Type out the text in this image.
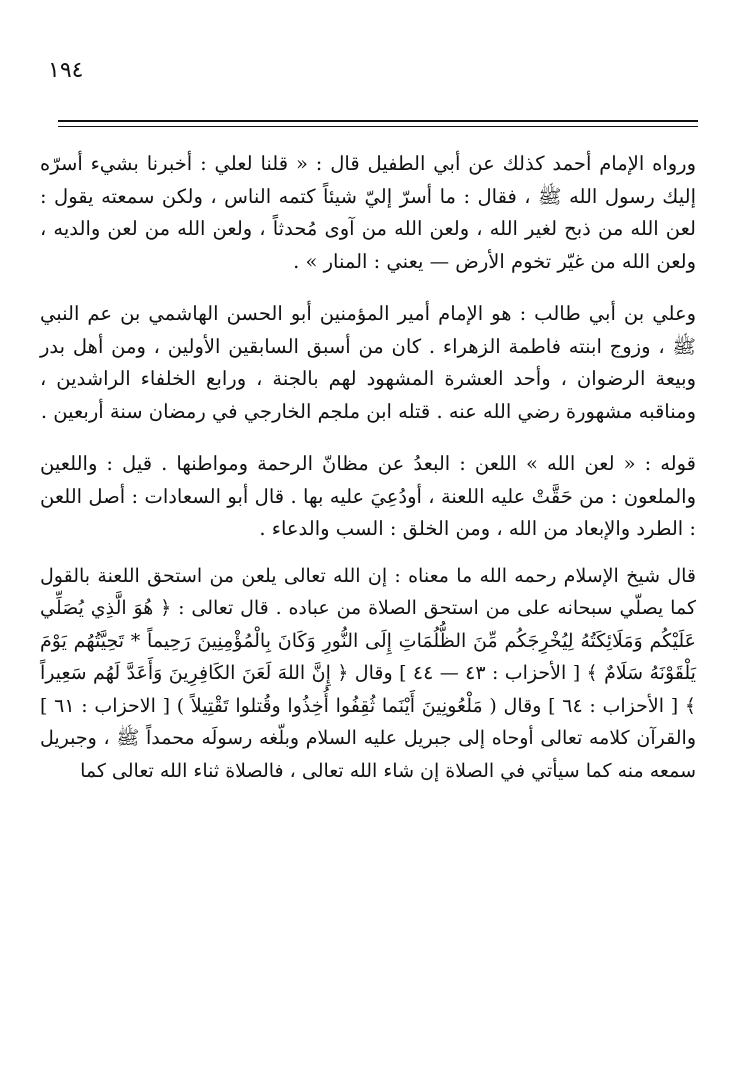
١٩٤

ورواه الإمام أحمد كذلك عن أبي الطفيل قال : « قلنا لعلي : أخبرنا بشيء أسرّه إليك رسول الله ﷺ ، فقال : ما أسرّ إليّ شيئاً كتمه الناس ، ولكن سمعته يقول : لعن الله من ذبح لغير الله ، ولعن الله من آوى مُحدثاً ، ولعن الله من لعن والديه ، ولعن الله من غيّر تخوم الأرض — يعني : المنار » .

وعلي بن أبي طالب : هو الإمام أمير المؤمنين أبو الحسن الهاشمي بن عم النبي ﷺ ، وزوج ابنته فاطمة الزهراء . كان من أسبق السابقين الأولين ، ومن أهل بدر وبيعة الرضوان ، وأحد العشرة المشهود لهم بالجنة ، ورابع الخلفاء الراشدين ، ومناقبه مشهورة رضي الله عنه . قتله ابن ملجم الخارجي في رمضان سنة أربعين .

قوله : « لعن الله » اللعن : البعدُ عن مظانّ الرحمة ومواطنها . قيل : واللعين والملعون : من حَقَّتْ عليه اللعنة ، أودُعِيَ عليه بها . قال أبو السعادات : أصل اللعن : الطرد والإبعاد من الله ، ومن الخلق : السب والدعاء .

قال شيخ الإسلام رحمه الله ما معناه : إن الله تعالى يلعن من استحق اللعنة بالقول كما يصلّي سبحانه على من استحق الصلاة من عباده . قال تعالى : ﴿ هُوَ الَّذِي يُصَلِّي عَلَيْكُم وَمَلَائِكَتُهُ لِيُخْرِجَكُم مِّنَ الظُّلُمَاتِ إِلَى النُّورِ وَكَانَ بِالْمُؤْمِنِينَ رَحِيماً * تَحِيَّتُهُم يَوْمَ يَلْقَوْنَهُ سَلَامٌ ﴾ [ الأحزاب : ٤٣ — ٤٤ ] وقال ﴿ إِنَّ اللهَ لَعَنَ الكَافِرِينَ وَأَعَدَّ لَهُم سَعِيراً ﴾ [ الأحزاب : ٦٤ ] وقال ( مَلْعُونِينَ أَيْنَما ثُقِفُوا أُخِذُوا وقُتلوا تَقْتِيلاً ) [ الاحزاب : ٦١ ] والقرآن كلامه تعالى أوحاه إلى جبريل عليه السلام وبلّغه رسولَه محمداً ﷺ ، وجبريل سمعه منه كما سيأتي في الصلاة إن شاء الله تعالى ، فالصلاة ثناء الله تعالى كما
